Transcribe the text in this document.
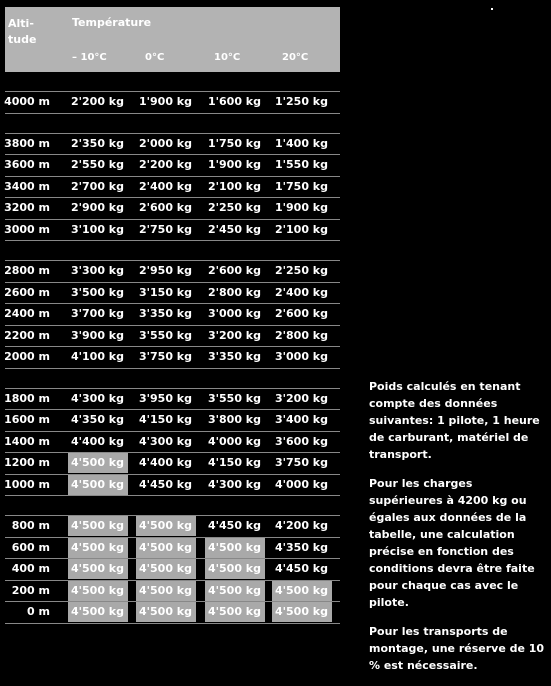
Alti-
tude
Température
– 10°C	0°C	10°C	20°C
4000 m 2'200 kg	1'900 kg	1'600 kg	1'250 kg
3800 m 2'350 kg	2'000 kg	1'750 kg	1'400 kg
3600 m 2'550 kg	2'200 kg	1'900 kg	1'550 kg
3400 m 2'700 kg	2'400 kg	2'100 kg	1'750 kg
3200 m 2'900 kg	2'600 kg	2'250 kg	1'900 kg
3000 m 3'100 kg	2'750 kg	2'450 kg	2'100 kg
2800 m 3'300 kg	2'950 kg	2'600 kg	2'250 kg
2600 m 3'500 kg	3'150 kg	2'800 kg	2'400 kg
2400 m 3'700 kg	3'350 kg	3'000 kg	2'600 kg
2200 m 3'900 kg	3'550 kg	3'200 kg	2'800 kg
2000 m 4'100 kg	3'750 kg	3'350 kg	3'000 kg
1800 m 4'300 kg	3'950 kg	3'550 kg	3'200 kg
1600 m 4'350 kg	4'150 kg	3'800 kg	3'400 kg
1400 m 4'400 kg	4'300 kg	4'000 kg	3'600 kg
1200 m 4'500 kg	4'400 kg	4'150 kg	3'750 kg
1000 m 4'500 kg	4'450 kg	4'300 kg	4'000 kg
800 m 4'500 kg	4'500 kg	4'450 kg	4'200 kg
600 m 4'500 kg	4'500 kg	4'500 kg	4'350 kg
400 m 4'500 kg	4'500 kg	4'500 kg	4'450 kg
200 m 4'500 kg	4'500 kg	4'500 kg	4'500 kg
0 m 4'500 kg	4'500 kg	4'500 kg	4'500 kg

Poids calculés en tenant compte des données suivantes: 1 pilote, 1 heure de carburant, matériel de transport.

Pour les charges supérieures à 4200 kg ou égales aux données de la tabelle, une calculation précise en fonction des conditions devra être faite pour chaque cas avec le pilote.

Pour les transports de montage, une réserve de 10 % est nécessaire.
